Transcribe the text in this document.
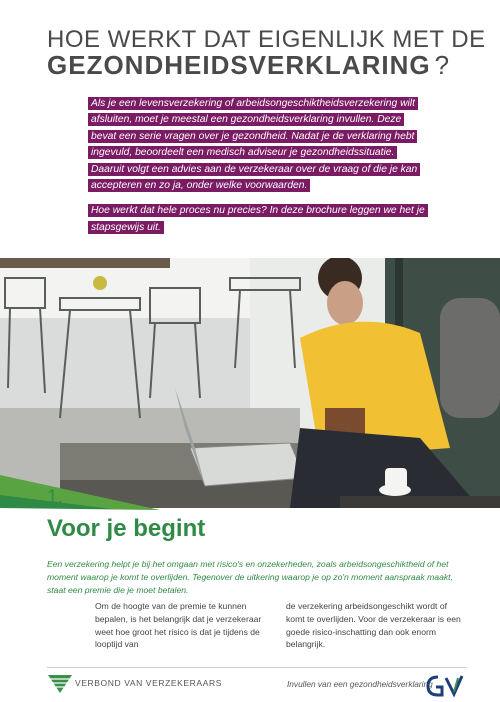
HOE WERKT DAT EIGENLIJK MET DE
GEZONDHEIDSVERKLARING ?

Als je een levensverzekering of arbeidsongeschiktheidsverzekering wilt afsluiten, moet je meestal een gezondheidsverklaring invullen. Deze bevat een serie vragen over je gezondheid. Nadat je de verklaring hebt ingevuld, beoordeelt een medisch adviseur je gezondheidssituatie. Daaruit volgt een advies aan de verzekeraar over de vraag of die je kan accepteren en zo ja, onder welke voorwaarden.

Hoe werkt dat hele proces nu precies? In deze brochure leggen we het je stapsgewijs uit.

1.
Voor je begint

Een verzekering helpt je bij het omgaan met risico's en onzekerheden, zoals arbeidsongeschiktheid of het moment waarop je komt te overlijden. Tegenover de uitkering waarop je op zo'n moment aanspraak maakt, staat een premie die je moet betalen.

Om de hoogte van de premie te kunnen bepalen, is het belangrijk dat je verzekeraar weet hoe groot het risico is dat je tijdens de looptijd van

de verzekering arbeidsongeschikt wordt of komt te overlijden. Voor de verzekeraar is een goede risico-inschatting dan ook enorm belangrijk.

VERBOND VAN VERZEKERAARS	Invullen van een gezondheidsverklaring
GV
